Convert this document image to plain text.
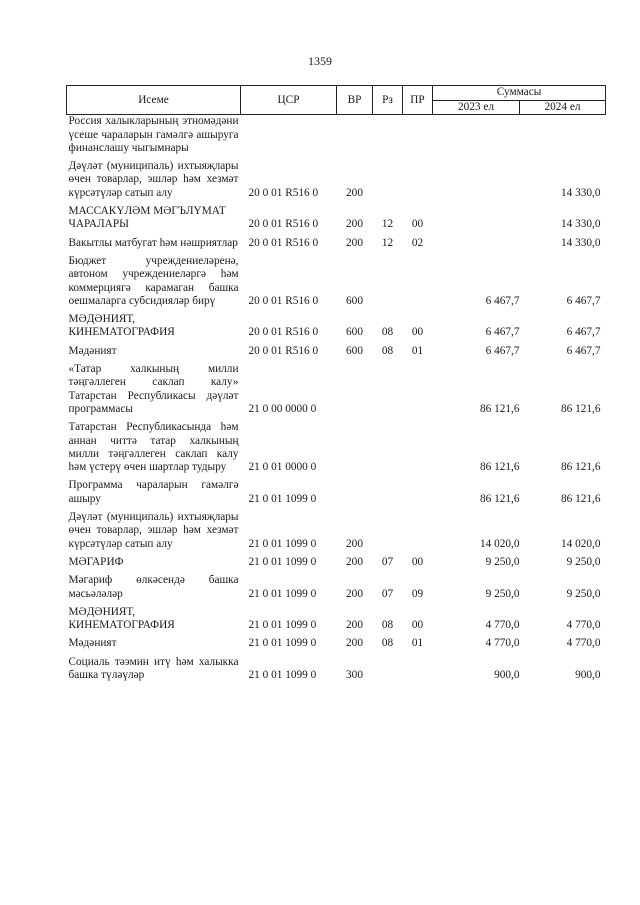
1359
Исеме	ЦСР	ВР	Рз	ПР	Суммасы	
					2023 ел	2024 ел
Россия халыкларының этномәдәни үсеше чараларын гамәлгә ашыруга финанслашу чыгымнары						
Дәүләт (муниципаль) ихтыяҗлары өчен товарлар, эшләр һәм хезмәт күрсәтүләр сатып алу	20 0 01 R516 0	200				14 330,0
МАССАКҮЛӘМ МӘГЪЛҮМАТ ЧАРАЛАРЫ	20 0 01 R516 0	200	12	00		14 330,0
Вакытлы матбугат һәм нәшриятлар	20 0 01 R516 0	200	12	02		14 330,0
Бюджет учреждениеләренә, автоном учреждениеләргә һәм коммерциягә карамаган башка оешмаларга субсидияләр бирү	20 0 01 R516 0	600			6 467,7	6 467,7
МӘДӘНИЯТ, КИНЕМАТОГРАФИЯ	20 0 01 R516 0	600	08	00	6 467,7	6 467,7
Мәдәният	20 0 01 R516 0	600	08	01	6 467,7	6 467,7
«Татар халкының милли тәңгәллеген саклап калу» Татарстан Республикасы дәүләт программасы	21 0 00 0000 0				86 121,6	86 121,6
Татарстан Республикасында һәм аннан читтә татар халкының милли тәңгәллеген саклап калу һәм үстерү өчен шартлар тудыру	21 0 01 0000 0				86 121,6	86 121,6
Программа чараларын гамәлгә ашыру	21 0 01 1099 0				86 121,6	86 121,6
Дәүләт (муниципаль) ихтыяҗлары өчен товарлар, эшләр һәм хезмәт күрсәтүләр сатып алу	21 0 01 1099 0	200			14 020,0	14 020,0
МӘГАРИФ	21 0 01 1099 0	200	07	00	9 250,0	9 250,0
Мәгариф өлкәсендә башка мәсьәләләр	21 0 01 1099 0	200	07	09	9 250,0	9 250,0
МӘДӘНИЯТ, КИНЕМАТОГРАФИЯ	21 0 01 1099 0	200	08	00	4 770,0	4 770,0
Мәдәният	21 0 01 1099 0	200	08	01	4 770,0	4 770,0
Социаль тәэмин итү һәм халыкка башка түләүләр	21 0 01 1099 0	300			900,0	900,0
